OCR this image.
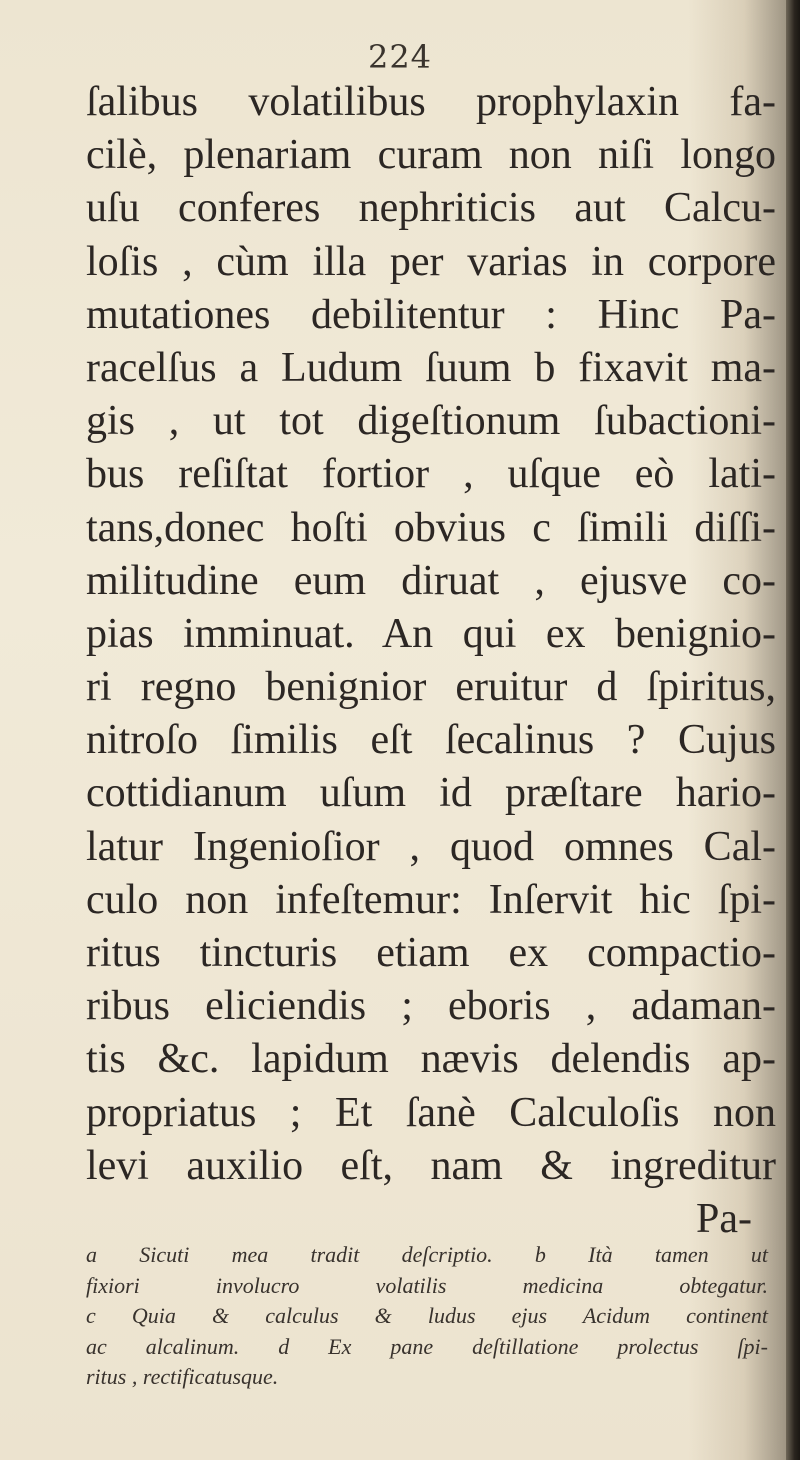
224
ſalibus volatilibus prophylaxin fa-
cilè, plenariam curam non niſi longo
uſu conferes nephriticis aut Calcu-
loſis , cùm illa per varias in corpore
mutationes debilitentur : Hinc Pa-
racelſus a Ludum ſuum b fixavit ma-
gis , ut tot digeſtionum ſubactioni-
bus reſiſtat fortior , uſque eò lati-
tans,donec hoſti obvius c ſimili diſſi-
militudine eum diruat , ejusve co-
pias imminuat. An qui ex benignio-
ri regno benignior eruitur d ſpiritus,
nitroſo ſimilis eſt ſecalinus ? Cujus
cottidianum uſum id præſtare hario-
latur Ingenioſior , quod omnes Cal-
culo non infeſtemur: Inſervit hic ſpi-
ritus tincturis etiam ex compactio-
ribus eliciendis ; eboris , adaman-
tis &c. lapidum nævis delendis ap-
propriatus ; Et ſanè Calculoſis non
levi auxilio eſt, nam & ingreditur
Pa-
a Sicuti mea tradit deſcriptio. b Ità tamen ut
fixiori involucro volatilis medicina obtegatur.
c Quia & calculus & ludus ejus Acidum continent
ac alcalinum. d Ex pane deſtillatione prolectus ſpi-
ritus , rectificatusque.
